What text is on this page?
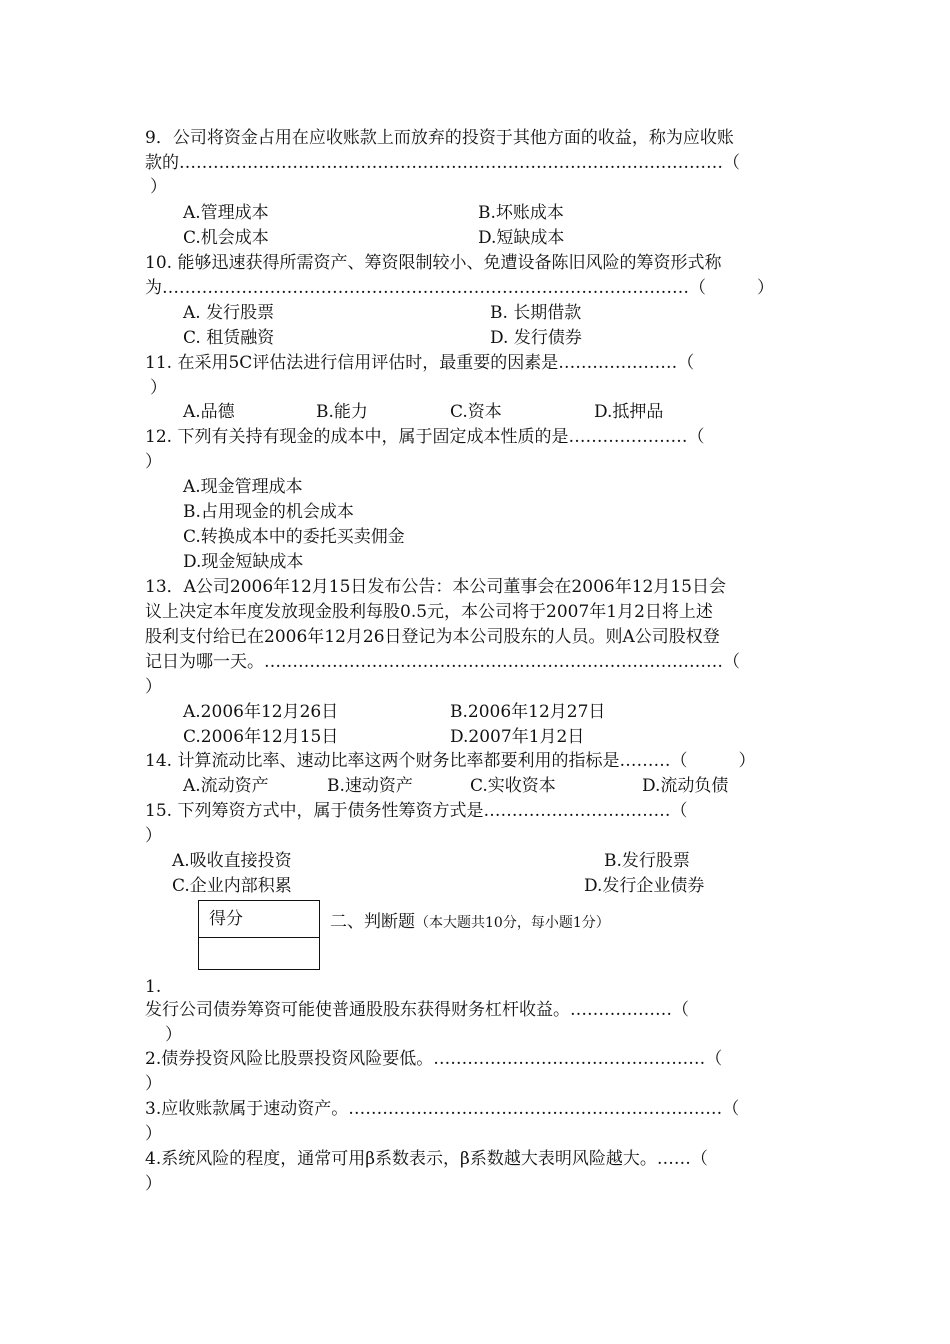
9．公司将资金占用在应收账款上而放弃的投资于其他方面的收益，称为应收账
款的……………………………………………………………………………………（
）
A.管理成本	B.坏账成本
C.机会成本	D.短缺成本
10. 能够迅速获得所需资产、筹资限制较小、免遭设备陈旧风险的筹资形式称
为…………………………………………………………………………………（　　　）
A. 发行股票	B. 长期借款
C. 租赁融资	D. 发行债券
11. 在采用5C评估法进行信用评估时，最重要的因素是…………………（
）
A.品德	B.能力	C.资本	D.抵押品
12. 下列有关持有现金的成本中，属于固定成本性质的是…………………（
）
A.现金管理成本
B.占用现金的机会成本
C.转换成本中的委托买卖佣金
D.现金短缺成本
13．A公司2006年12月15日发布公告：本公司董事会在2006年12月15日会
议上决定本年度发放现金股利每股0.5元，本公司将于2007年1月2日将上述
股利支付给已在2006年12月26日登记为本公司股东的人员。则A公司股权登
记日为哪一天。………………………………………………………………………（
）
A.2006年12月26日	B.2006年12月27日
C.2006年12月15日	D.2007年1月2日
14. 计算流动比率、速动比率这两个财务比率都要利用的指标是………（　　　）
A.流动资产	B.速动资产	C.实收资本	D.流动负债
15. 下列筹资方式中，属于债务性筹资方式是……………………………（
）
A.吸收直接投资	B.发行股票
C.企业内部积累	D.发行企业债券
得分	二、判断题（本大题共10分，每小题1分）
1.
发行公司债券筹资可能使普通股股东获得财务杠杆收益。………………（
）
2.债券投资风险比股票投资风险要低。…………………………………………（
）
3.应收账款属于速动资产。…………………………………………………………（
）
4.系统风险的程度，通常可用β系数表示，β系数越大表明风险越大。……（
）
